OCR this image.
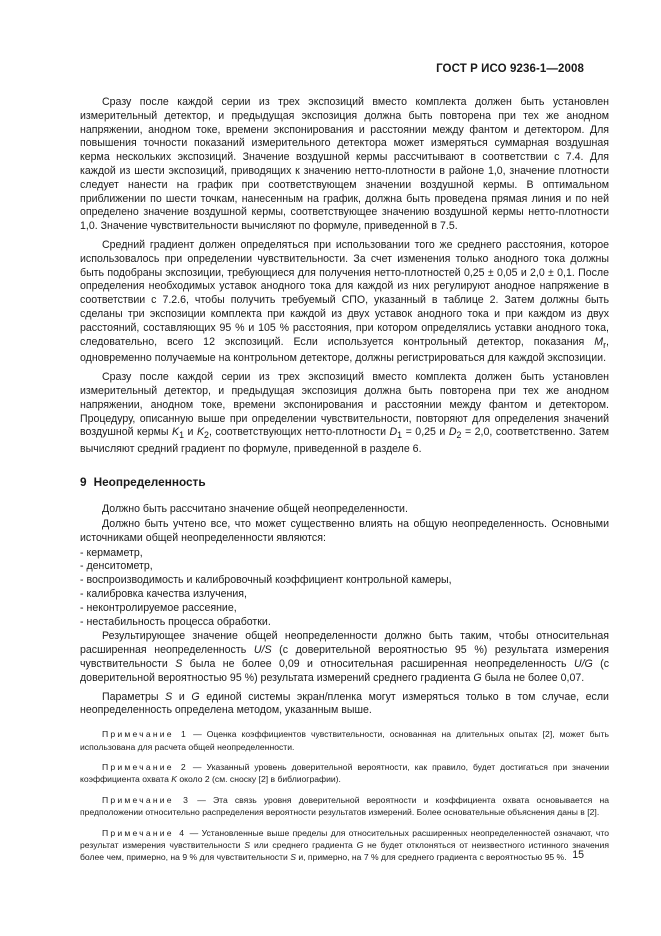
ГОСТ Р ИСО 9236-1—2008

Сразу после каждой серии из трех экспозиций вместо комплекта должен быть установлен измерительный детектор, и предыдущая экспозиция должна быть повторена при тех же анодном напряжении, анодном токе, времени экспонирования и расстоянии между фантом и детектором. Для повышения точности показаний измерительного детектора может измеряться суммарная воздушная керма нескольких экспозиций. Значение воздушной кермы рассчитывают в соответствии с 7.4. Для каждой из шести экспозиций, приводящих к значению нетто-плотности в районе 1,0, значение плотности следует нанести на график при соответствующем значении воздушной кермы. В оптимальном приближении по шести точкам, нанесенным на график, должна быть проведена прямая линия и по ней определено значение воздушной кермы, соответствующее значению воздушной кермы нетто-плотности 1,0. Значение чувствительности вычисляют по формуле, приведенной в 7.5.

Средний градиент должен определяться при использовании того же среднего расстояния, которое использовалось при определении чувствительности. За счет изменения только анодного тока должны быть подобраны экспозиции, требующиеся для получения нетто-плотностей 0,25 ± 0,05 и 2,0 ± 0,1. После определения необходимых уставок анодного тока для каждой из них регулируют анодное напряжение в соответствии с 7.2.6, чтобы получить требуемый СПО, указанный в таблице 2. Затем должны быть сделаны три экспозиции комплекта при каждой из двух уставок анодного тока и при каждом из двух расстояний, составляющих 95 % и 105 % расстояния, при котором определялись уставки анодного тока, следовательно, всего 12 экспозиций. Если используется контрольный детектор, показания $M_r$, одновременно получаемые на контрольном детекторе, должны регистрироваться для каждой экспозиции.

Сразу после каждой серии из трех экспозиций вместо комплекта должен быть установлен измерительный детектор, и предыдущая экспозиция должна быть повторена при тех же анодном напряжении, анодном токе, времени экспонирования и расстоянии между фантом и детектором. Процедуру, описанную выше при определении чувствительности, повторяют для определения значений воздушной кермы $K_1$ и $K_2$, соответствующих нетто-плотности $D_1 = 0,25$ и $D_2 = 2,0$, соответственно. Затем вычисляют средний градиент по формуле, приведенной в разделе 6.

9 Неопределенность

Должно быть рассчитано значение общей неопределенности.

Должно быть учтено все, что может существенно влиять на общую неопределенность. Основными источниками общей неопределенности являются:

- кермаметр,
- денситометр,
- воспроизводимость и калибровочный коэффициент контрольной камеры,
- калибровка качества излучения,
- неконтролируемое рассеяние,
- нестабильность процесса обработки.

Результирующее значение общей неопределенности должно быть таким, чтобы относительная расширенная неопределенность U/S (с доверительной вероятностью 95 %) результата измерения чувствительности S была не более 0,09 и относительная расширенная неопределенность U/G (с доверительной вероятностью 95 %) результата измерений среднего градиента G была не более 0,07.

Параметры S и G единой системы экран/пленка могут измеряться только в том случае, если неопределенность определена методом, указанным выше.

Примечание 1 — Оценка коэффициентов чувствительности, основанная на длительных опытах [2], может быть использована для расчета общей неопределенности.

Примечание 2 — Указанный уровень доверительной вероятности, как правило, будет достигаться при значении коэффициента охвата K около 2 (см. сноску [2] в библиографии).

Примечание 3 — Эта связь уровня доверительной вероятности и коэффициента охвата основывается на предположении относительно распределения вероятности результатов измерений. Более основательные объяснения даны в [2].

Примечание 4 — Установленные выше пределы для относительных расширенных неопределенностей означают, что результат измерения чувствительности S или среднего градиента G не будет отклоняться от неизвестного истинного значения более чем, примерно, на 9 % для чувствительности S и, примерно, на 7 % для среднего градиента с вероятностью 95 %. 15
